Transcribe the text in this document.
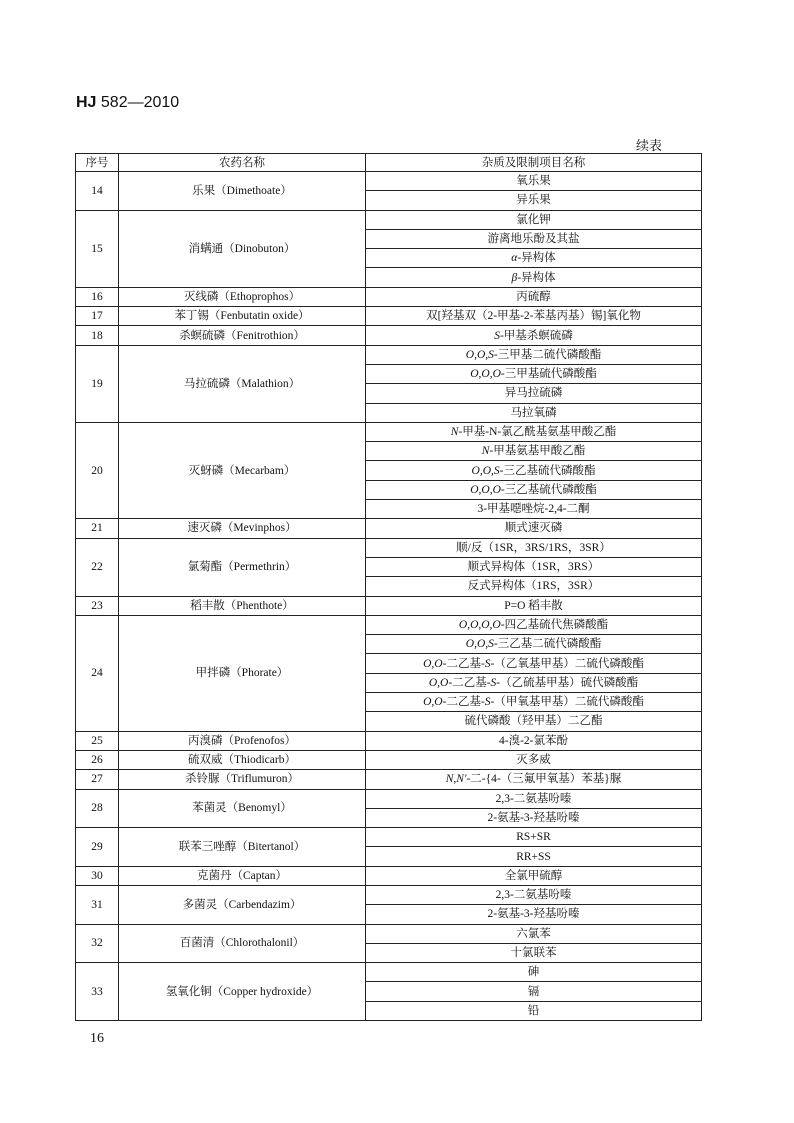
HJ 582—2010
续表
序号	农药名称	杂质及限制项目名称
14	乐果（Dimethoate）	氧乐果
		异乐果
15	消螨通（Dinobuton）	氯化钾
		游离地乐酚及其盐
		α-异构体
		β-异构体
16	灭线磷（Ethoprophos）	丙硫醇
17	苯丁锡（Fenbutatin oxide）	双[羟基双（2-甲基-2-苯基丙基）锡]氧化物
18	杀螟硫磷（Fenitrothion）	S-甲基杀螟硫磷
19	马拉硫磷（Malathion）	O,O,S-三甲基二硫代磷酸酯
		O,O,O-三甲基硫代磷酸酯
		异马拉硫磷
		马拉氧磷
20	灭蚜磷（Mecarbam）	N-甲基-N-氯乙酰基氨基甲酸乙酯
		N-甲基氨基甲酸乙酯
		O,O,S-三乙基硫代磷酸酯
		O,O,O-三乙基硫代磷酸酯
		3-甲基噁唑烷-2,4-二酮
21	速灭磷（Mevinphos）	顺式速灭磷
22	氯菊酯（Permethrin）	顺/反（1SR，3RS/1RS，3SR）
		顺式异构体（1SR，3RS）
		反式异构体（1RS，3SR）
23	稻丰散（Phenthote）	P=O 稻丰散
24	甲拌磷（Phorate）	O,O,O,O-四乙基硫代焦磷酸酯
		O,O,S-三乙基二硫代磷酸酯
		O,O-二乙基-S-（乙氧基甲基）二硫代磷酸酯
		O,O-二乙基-S-（乙硫基甲基）硫代磷酸酯
		O,O-二乙基-S-（甲氧基甲基）二硫代磷酸酯
		硫代磷酸（羟甲基）二乙酯
25	丙溴磷（Profenofos）	4-溴-2-氯苯酚
26	硫双威（Thiodicarb）	灭多威
27	杀铃脲（Triflumuron）	N,N'-二-{4-（三氟甲氧基）苯基}脲
28	苯菌灵（Benomyl）	2,3-二氨基吩嗪
		2-氨基-3-羟基吩嗪
29	联苯三唑醇（Bitertanol）	RS+SR
		RR+SS
30	克菌丹（Captan）	全氯甲硫醇
31	多菌灵（Carbendazim）	2,3-二氨基吩嗪
		2-氨基-3-羟基吩嗪
32	百菌清（Chlorothalonil）	六氯苯
		十氯联苯
33	氢氧化铜（Copper hydroxide）	砷
		镉
		铅
16
